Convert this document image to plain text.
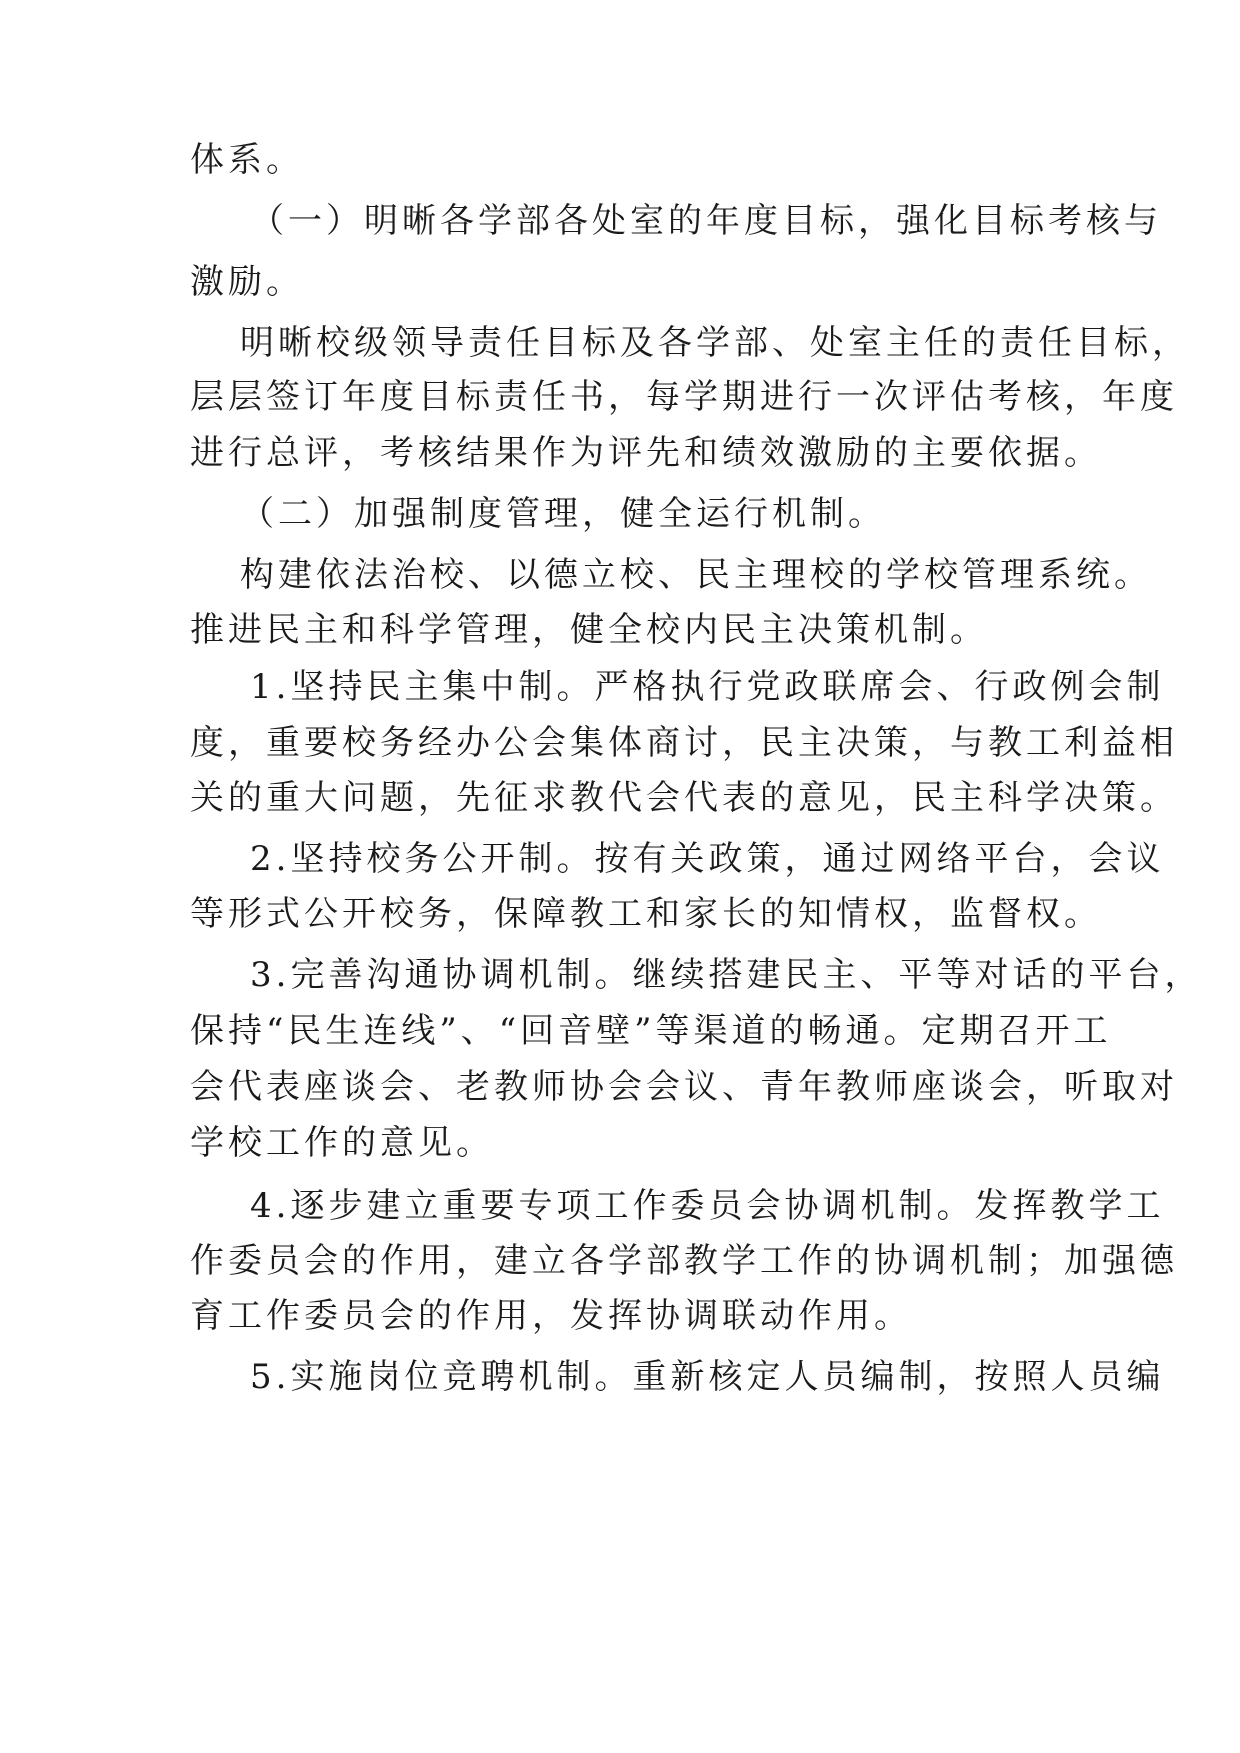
体系。
（一）明晰各学部各处室的年度目标，强化目标考核与
激励。
明晰校级领导责任目标及各学部、处室主任的责任目标，
层层签订年度目标责任书，每学期进行一次评估考核，年度
进行总评，考核结果作为评先和绩效激励的主要依据。
（二）加强制度管理，健全运行机制。
构建依法治校、以德立校、民主理校的学校管理系统。
推进民主和科学管理，健全校内民主决策机制。
1.坚持民主集中制。严格执行党政联席会、行政例会制
度，重要校务经办公会集体商讨，民主决策，与教工利益相
关的重大问题，先征求教代会代表的意见，民主科学决策。
2.坚持校务公开制。按有关政策，通过网络平台，会议
等形式公开校务，保障教工和家长的知情权，监督权。
3.完善沟通协调机制。继续搭建民主、平等对话的平台，
保持“民生连线”、“回音壁”等渠道的畅通。定期召开工
会代表座谈会、老教师协会会议、青年教师座谈会，听取对
学校工作的意见。
4.逐步建立重要专项工作委员会协调机制。发挥教学工
作委员会的作用，建立各学部教学工作的协调机制；加强德
育工作委员会的作用，发挥协调联动作用。
5.实施岗位竞聘机制。重新核定人员编制，按照人员编
